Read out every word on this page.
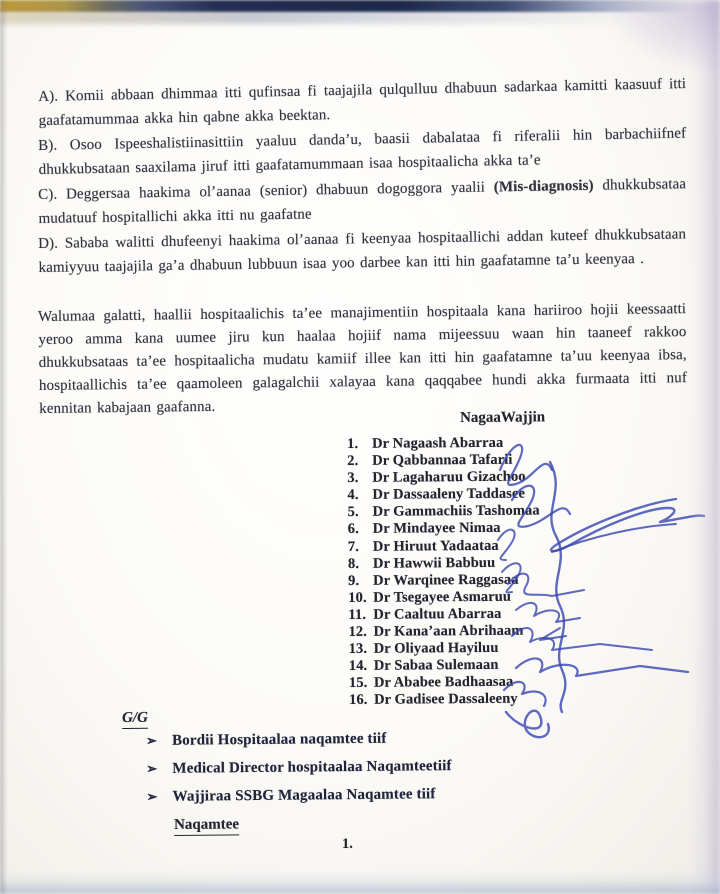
A). Komii abbaan dhimmaa itti qufinsaa fi taajajila qulqulluu dhabuun sadarkaa kamitti kaasuuf itti gaafatamummaa akka hin qabne akka beektan.

B). Osoo Ispeeshalistiinasittiin yaaluu danda’u, baasii dabalataa fi riferalii hin barbachiifnef dhukkubsataan saaxilama jiruf itti gaafatamummaan isaa hospitaalicha akka ta’e

C). Deggersaa haakima ol’aanaa (senior) dhabuun dogoggora yaalii (Mis-diagnosis) dhukkubsataa mudatuuf hospitallichi akka itti nu gaafatne

D). Sababa walitti dhufeenyi haakima ol’aanaa fi keenyaa hospitaallichi addan kuteef dhukkubsataan kamiyyuu taajajila ga’a dhabuun lubbuun isaa yoo darbee kan itti hin gaafatamne ta’u keenyaa .

Walumaa galatti, haallii hospitaalichis ta’ee manajimentiin hospitaala kana hariiroo hojii keessaatti yeroo amma kana uumee jiru kun haalaa hojiif nama mijeessuu waan hin taaneef rakkoo dhukkubsataas ta’ee hospitaalicha mudatu kamiif illee kan itti hin gaafatamne ta’uu keenyaa ibsa, hospitaallichis ta’ee qaamoleen galagalchii xalayaa kana qaqqabee hundi akka furmaata itti nuf kennitan kabajaan gaafanna.

NagaaWajjin
1. Dr Nagaash Abarraa
2. Dr Qabbannaa Tafarii
3. Dr Lagaharuu Gizachoo
4. Dr Dassaaleny Taddasee
5. Dr Gammachiis Tashomaa
6. Dr Mindayee Nimaa
7. Dr Hiruut Yadaataa
8. Dr Hawwii Babbuu
9. Dr Warqinee Raggasaa
10. Dr Tsegayee Asmaruu
11. Dr Caaltuu Abarraa
12. Dr Kana’aan Abrihaam
13. Dr Oliyaad Hayiluu
14. Dr Sabaa Sulemaan
15. Dr Ababee Badhaasaa
16. Dr Gadisee Dassaleeny
G/G
➢ Bordii Hospitaalaa naqamtee tiif
➢ Medical Director hospitaalaa Naqamteetiif
➢ Wajjiraa SSBG Magaalaa Naqamtee tiif
Naqamtee
1.
